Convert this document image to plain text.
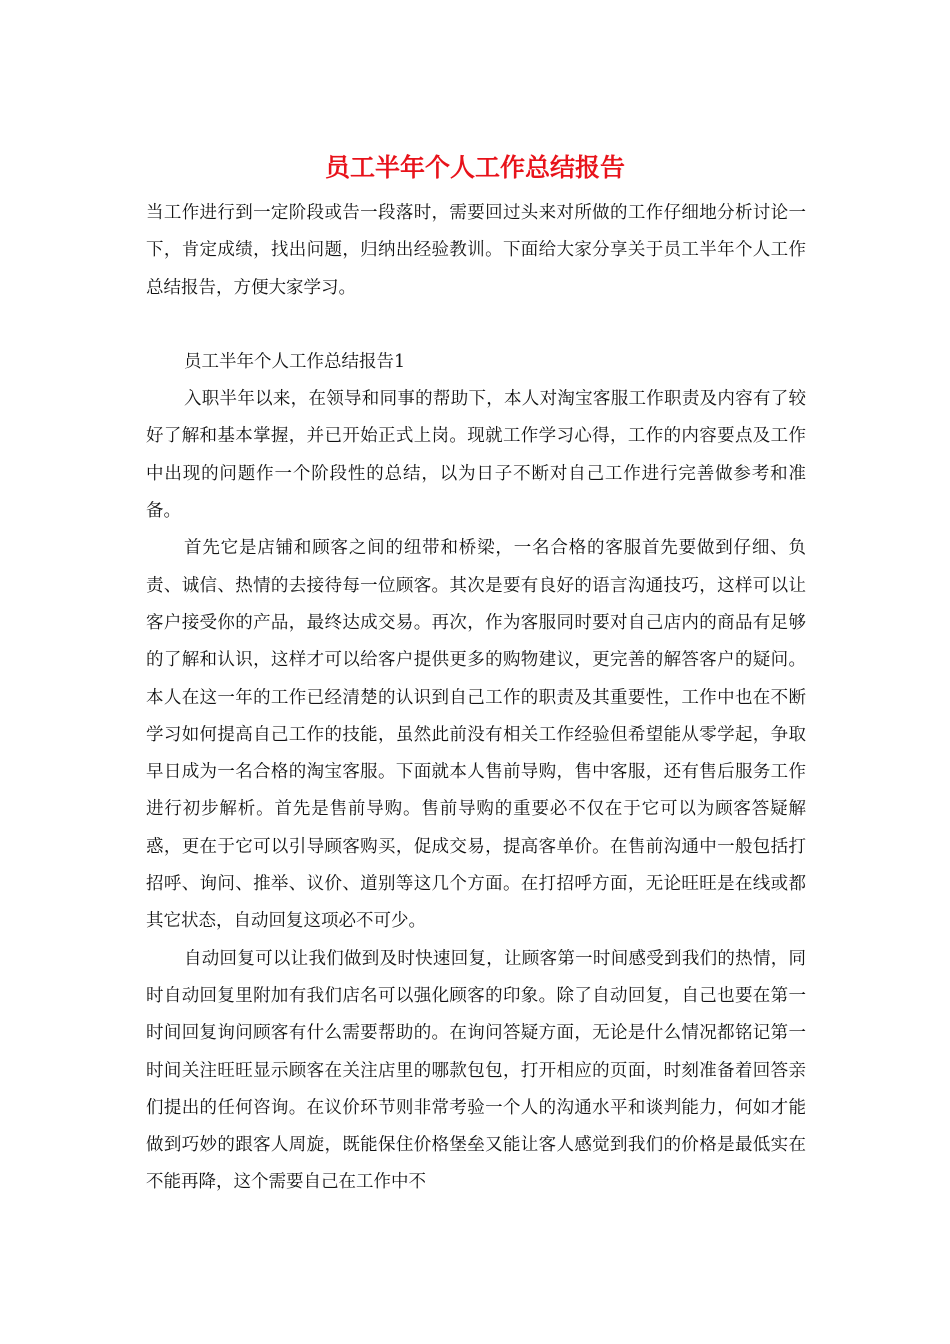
员工半年个人工作总结报告

当工作进行到一定阶段或告一段落时，需要回过头来对所做的工作仔细地分析讨论一下，肯定成绩，找出问题，归纳出经验教训。下面给大家分享关于员工半年个人工作总结报告，方便大家学习。

员工半年个人工作总结报告1

入职半年以来，在领导和同事的帮助下，本人对淘宝客服工作职责及内容有了较好了解和基本掌握，并已开始正式上岗。现就工作学习心得，工作的内容要点及工作中出现的问题作一个阶段性的总结，以为日子不断对自己工作进行完善做参考和准备。

首先它是店铺和顾客之间的纽带和桥梁，一名合格的客服首先要做到仔细、负责、诚信、热情的去接待每一位顾客。其次是要有良好的语言沟通技巧，这样可以让客户接受你的产品，最终达成交易。再次，作为客服同时要对自己店内的商品有足够的了解和认识，这样才可以给客户提供更多的购物建议，更完善的解答客户的疑问。本人在这一年的工作已经清楚的认识到自己工作的职责及其重要性，工作中也在不断学习如何提高自己工作的技能，虽然此前没有相关工作经验但希望能从零学起，争取早日成为一名合格的淘宝客服。下面就本人售前导购，售中客服，还有售后服务工作进行初步解析。首先是售前导购。售前导购的重要必不仅在于它可以为顾客答疑解惑，更在于它可以引导顾客购买，促成交易，提高客单价。在售前沟通中一般包括打招呼、询问、推举、议价、道别等这几个方面。在打招呼方面，无论旺旺是在线或都其它状态，自动回复这项必不可少。

自动回复可以让我们做到及时快速回复，让顾客第一时间感受到我们的热情，同时自动回复里附加有我们店名可以强化顾客的印象。除了自动回复，自己也要在第一时间回复询问顾客有什么需要帮助的。在询问答疑方面，无论是什么情况都铭记第一时间关注旺旺显示顾客在关注店里的哪款包包，打开相应的页面，时刻准备着回答亲们提出的任何咨询。在议价环节则非常考验一个人的沟通水平和谈判能力，何如才能做到巧妙的跟客人周旋，既能保住价格堡垒又能让客人感觉到我们的价格是最低实在不能再降，这个需要自己在工作中不
